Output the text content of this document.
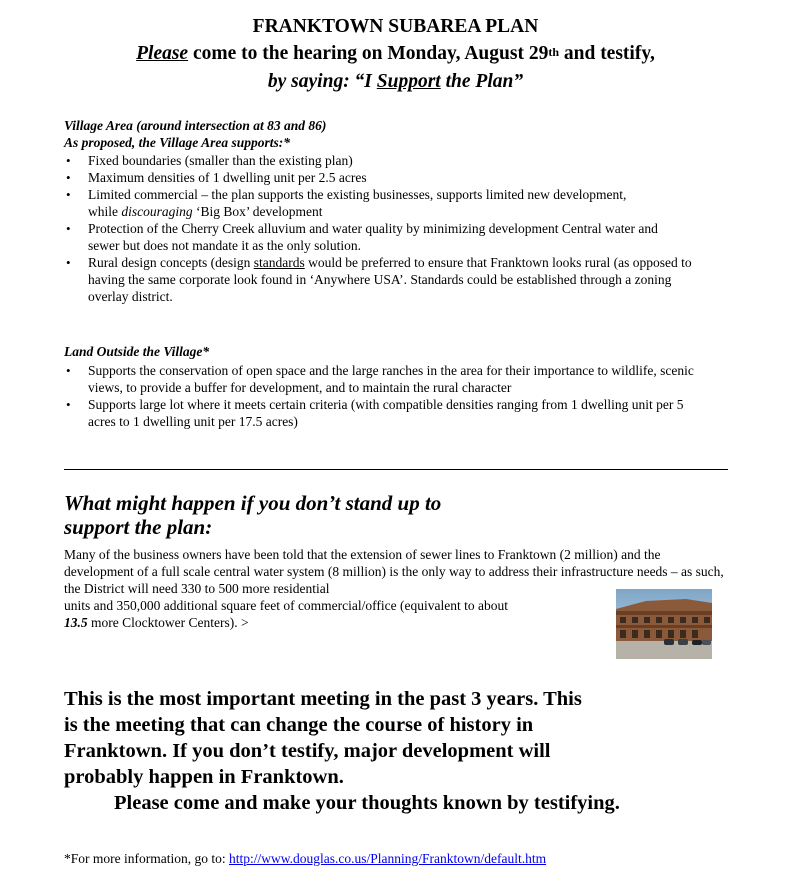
FRANKTOWN SUBAREA PLAN
Please come to the hearing on Monday, August 29th and testify,
by saying: “I Support the Plan”
Village Area (around intersection at 83 and 86)
As proposed, the Village Area supports:*
• Fixed boundaries (smaller than the existing plan)
• Maximum densities of 1 dwelling unit per 2.5 acres
• Limited commercial – the plan supports the existing businesses, supports limited new development, while discouraging ‘Big Box’ development
• Protection of the Cherry Creek alluvium and water quality by minimizing development Central water and sewer but does not mandate it as the only solution.
• Rural design concepts (design standards would be preferred to ensure that Franktown looks rural (as opposed to having the same corporate look found in ‘Anywhere USA’. Standards could be established through a zoning overlay district.
Land Outside the Village*
• Supports the conservation of open space and the large ranches in the area for their importance to wildlife, scenic views, to provide a buffer for development, and to maintain the rural character
• Supports large lot where it meets certain criteria (with compatible densities ranging from 1 dwelling unit per 5 acres to 1 dwelling unit per 17.5 acres)
What might happen if you don’t stand up to
support the plan:
Many of the business owners have been told that the extension of sewer lines to Franktown (2 million) and the development of a full scale central water system (8 million) is the only way to address their infrastructure needs – as such, the District will need 330 to 500 more residential
units and 350,000 additional square feet of commercial/office (equivalent to about
13.5 more Clocktower Centers). >
This is the most important meeting in the past 3 years. This
is the meeting that can change the course of history in
Franktown. If you don’t testify, major development will
probably happen in Franktown.
Please come and make your thoughts known by testifying.
*For more information, go to: http://www.douglas.co.us/Planning/Franktown/default.htm
